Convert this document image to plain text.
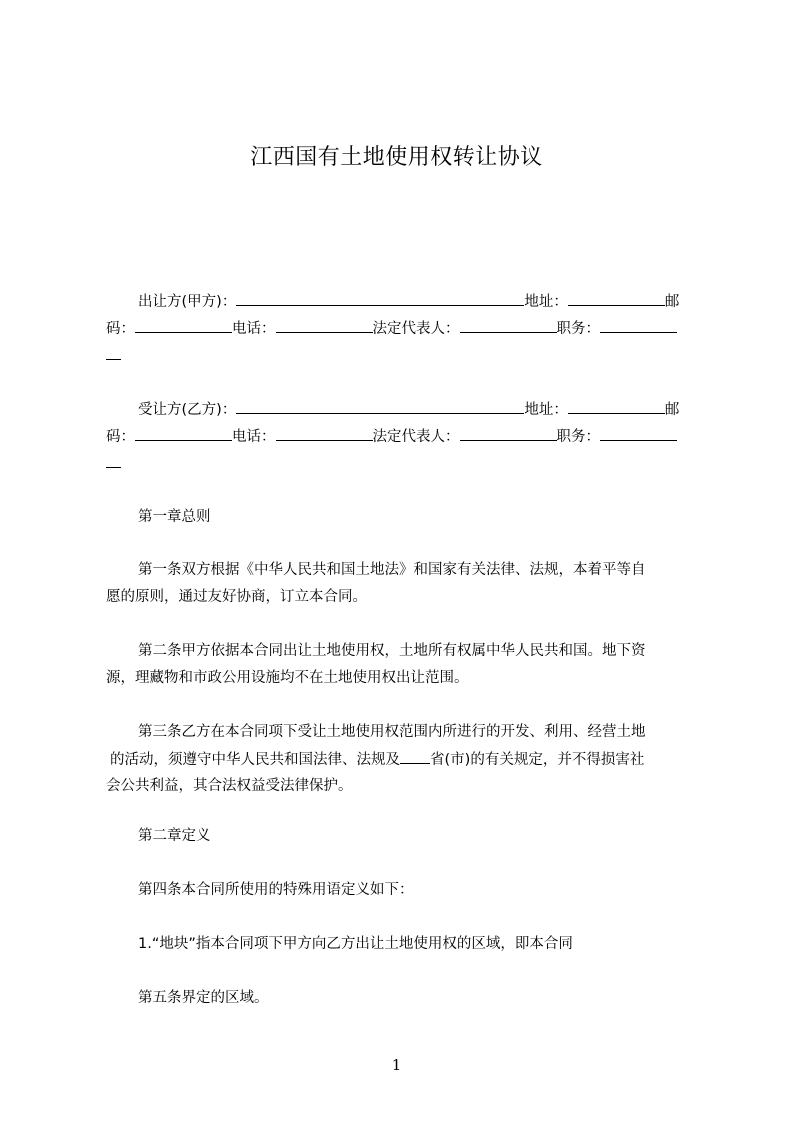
江西国有土地使用权转让协议
出让方(甲方)：	地址：	邮
码：	电话：	法定代表人：	职务：
受让方(乙方)：	地址：	邮
码：	电话：	法定代表人：	职务：
第一章总则
第一条双方根据《中华人民共和国土地法》和国家有关法律、法规，本着平等自
愿的原则，通过友好协商，订立本合同。
第二条甲方依据本合同出让土地使用权，土地所有权属中华人民共和国。地下资
源，理藏物和市政公用设施均不在土地使用权出让范围。
第三条乙方在本合同项下受让土地使用权范围内所进行的开发、利用、经营土地
的活动，须遵守中华人民共和国法律、法规及 省(市)的有关规定，并不得损害社
会公共利益，其合法权益受法律保护。
第二章定义
第四条本合同所使用的特殊用语定义如下：
1.“地块”指本合同项下甲方向乙方出让土地使用权的区域，即本合同
第五条界定的区域。
1
